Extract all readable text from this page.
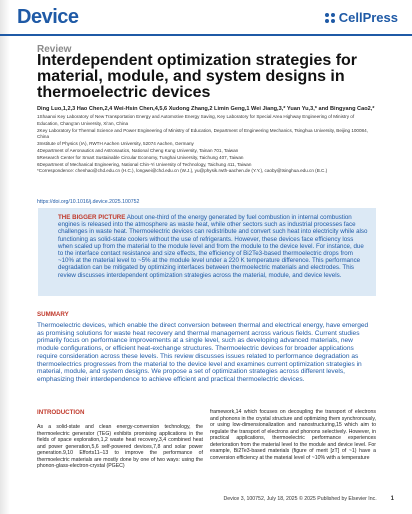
Device	CellPress
Review
Interdependent optimization strategies for material, module, and system designs in thermoelectric devices
Ding Luo,1,2,3 Hao Chen,2,4 Wei-Hsin Chen,4,5,6 Xudong Zhang,2 Limin Geng,1 Wei Jiang,3,* Yuan Yu,3,* and Bingyang Cao2,*
1Shaanxi Key Laboratory of New Transportation Energy and Automotive Energy Saving, Key Laboratory for Special Area Highway Engineering of Ministry of Education, Chang’an University, Xi’an, China
2Key Laboratory for Thermal Science and Power Engineering of Ministry of Education, Department of Engineering Mechanics, Tsinghua University, Beijing 100084, China
3Institute of Physics (IA), RWTH Aachen University, 52074 Aachen, Germany
4Department of Aeronautics and Astronautics, National Cheng Kung University, Tainan 701, Taiwan
5Research Center for Smart Sustainable Circular Economy, Tunghai University, Taichung 407, Taiwan
6Department of Mechanical Engineering, National Chin-Yi University of Technology, Taichung 411, Taiwan
*Correspondence: chenhao@chd.edu.cn (H.C.), longwei@chd.edu.cn (W.J.), yu@physik.rwth-aachen.de (Y.Y.), caoby@tsinghua.edu.cn (B.C.)
https://doi.org/10.1016/j.device.2025.100752
THE BIGGER PICTURE About one-third of the energy generated by fuel combustion in internal combustion engines is released into the atmosphere as waste heat, while other sectors such as industrial processes face challenges in waste heat. Thermoelectric devices can redistribute and convert such heat into electricity while also functioning as solid-state coolers without the use of refrigerants. However, these devices face efficiency loss when scaled up from the material to the module level and from the module to the device level. For instance, due to the interface contact resistance and size effects, the efficiency of Bi2Te3-based thermoelectric drops from ~10% at the material level to ~5% at the module level under a 220 K temperature difference. This performance degradation can be mitigated by optimizing interfaces between thermoelectric materials and electrodes. This review discusses interdependent optimization strategies across the material, module, and device levels.
SUMMARY
Thermoelectric devices, which enable the direct conversion between thermal and electrical energy, have emerged as promising solutions for waste heat recovery and thermal management across various fields. Current studies primarily focus on performance improvements at a single level, such as developing advanced materials, new module configurations, or efficient heat-exchange structures. Thermoelectric devices for broader applications require consideration across these levels. This review discusses issues related to performance degradation as thermoelectrics progresses from the material to the device level and examines current optimization strategies in material, module, and system designs. We propose a set of optimization strategies across different levels, emphasizing their interdependence to achieve efficient and practical thermoelectric devices.
INTRODUCTION
As a solid-state and clean energy-conversion technology, the thermoelectric generator (TEG) exhibits promising applications in the fields of space exploration,1,2 waste heat recovery,3,4 combined heat and power generation,5,6 self-powered devices,7,8 and solar power generation.9,10 Efforts11–13 to improve the performance of thermoelectric materials are mostly done by one of two ways: using the phonon-glass-electron-crystal (PGEC)
framework,14 which focuses on decoupling the transport of electrons and phonons in the crystal structure and optimizing them synchronously, or using low-dimensionalization and nanostructuring,15 which aim to regulate the transport of electrons and phonons selectively. However, in practical applications, thermoelectric performance experiences deterioration from the material level to the module and device level. For example, Bi2Te3-based materials (figure of merit [zT] of ~1) have a conversion efficiency at the material level of ~10% with a temperature
Device 3, 100752, July 18, 2025 © 2025 Published by Elsevier Inc. 1
